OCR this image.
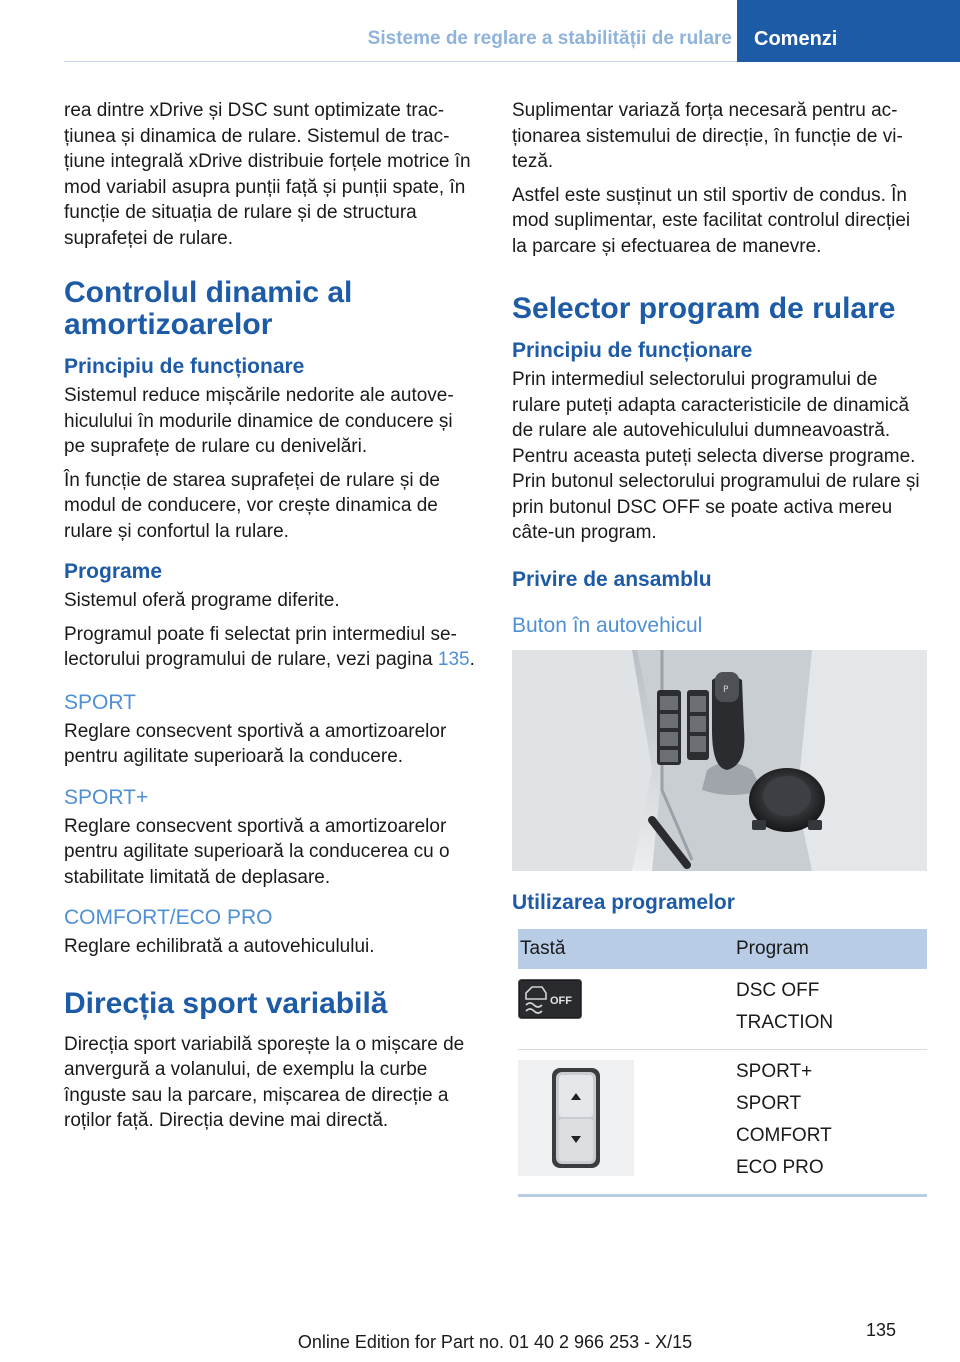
Sisteme de reglare a stabilității de rulare	Comenzi

rea dintre xDrive și DSC sunt optimizate tracțiunea și dinamica de rulare. Sistemul de tracțiune integrală xDrive distribuie forțele motrice în mod variabil asupra punții față și punții spate, în funcție de situația de rulare și de structura suprafeței de rulare.

Controlul dinamic al amortizoarelor
Principiu de funcționare

Sistemul reduce mișcările nedorite ale autovehiculului în modurile dinamice de conducere și pe suprafețe de rulare cu denivelări.

În funcție de starea suprafeței de rulare și de modul de conducere, vor crește dinamica de rulare și confortul la rulare.

Programe

Sistemul oferă programe diferite.

Programul poate fi selectat prin intermediul selectorului programului de rulare, vezi pagina 135.

SPORT

Reglare consecvent sportivă a amortizoarelor pentru agilitate superioară la conducere.

SPORT+

Reglare consecvent sportivă a amortizoarelor pentru agilitate superioară la conducerea cu o stabilitate limitată de deplasare.

COMFORT/ECO PRO

Reglare echilibrată a autovehiculului.

Direcția sport variabilă

Direcția sport variabilă sporește la o mișcare de anvergură a volanului, de exemplu la curbe înguste sau la parcare, mișcarea de direcție a roților față. Direcția devine mai directă.

Suplimentar variază forța necesară pentru acționarea sistemului de direcție, în funcție de viteză.

Astfel este susținut un stil sportiv de condus. În mod suplimentar, este facilitat controlul direcției la parcare și efectuarea de manevre.

Selector program de rulare
Principiu de funcționare

Prin intermediul selectorului programului de rulare puteți adapta caracteristicile de dinamică de rulare ale autovehiculului dumneavoastră. Pentru aceasta puteți selecta diverse programe. Prin butonul selectorului programului de rulare și prin butonul DSC OFF se poate activa mereu câte-un program.

Privire de ansamblu
Buton în autovehicul
P
Utilizarea programelor
Tastă	Program

OFF	DSC OFF
TRACTION

SPORT+
SPORT
COMFORT
ECO PRO
135
Online Edition for Part no. 01 40 2 966 253 - X/15
